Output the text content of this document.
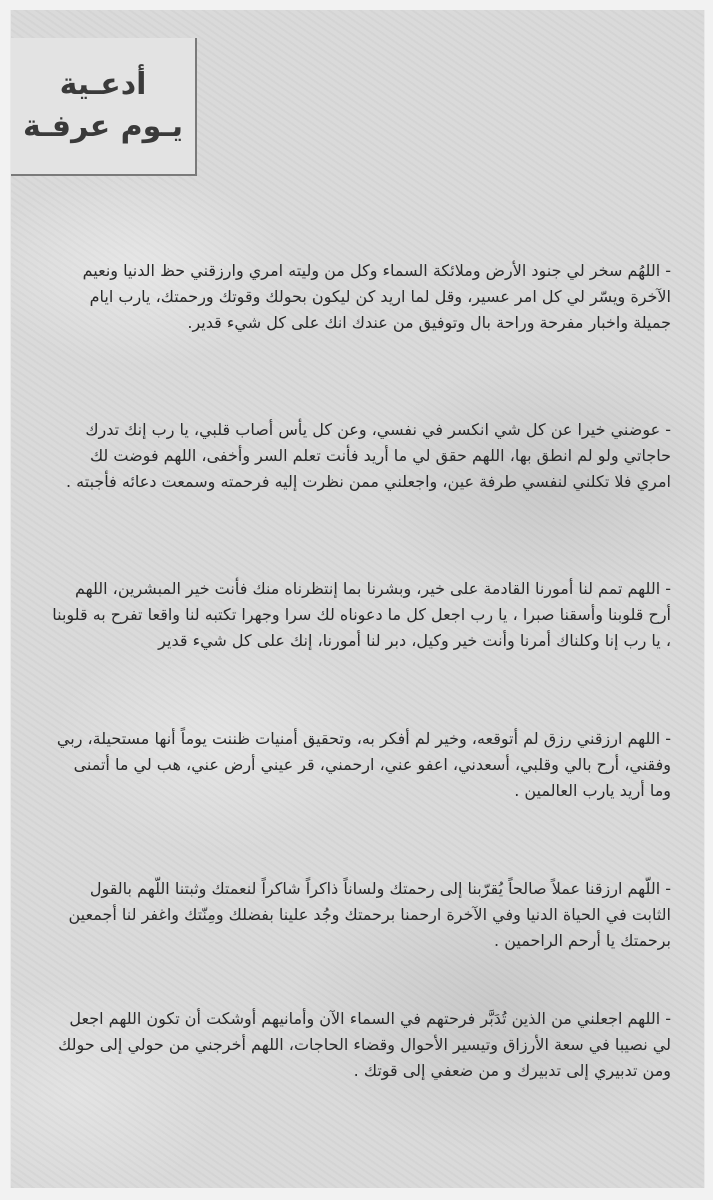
أدعـية
يـوم عرفـة

- اللهُم سخر لي جنود الأرض وملائكة السماء وكل من وليته امري وارزقني حظ الدنيا ونعيم الآخرة ويسّر لي كل امر عسير، وقل لما اريد كن ليكون بحولك وقوتك ورحمتك، يارب ايام جميلة واخبار مفرحة وراحة بال وتوفيق من عندك انك على كل شيء قدير.

- عوضني خيرا عن كل شي انكسر في نفسي، وعن كل يأس أصاب قلبي، يا رب إنك تدرك حاجاتي ولو لم انطق بها، اللهم حقق لي ما أريد فأنت تعلم السر وأخفى، اللهم فوضت لك امري فلا تكلني لنفسي طرفة عين، واجعلني ممن نظرت إليه فرحمته وسمعت دعائه فأجبته .

- اللهم تمم لنا أمورنا القادمة على خير، وبشرنا بما إنتظرناه منك فأنت خير المبشرين، اللهم أرح قلوبنا وأسقنا صبرا ، يا رب اجعل كل ما دعوناه لك سرا وجهرا تكتبه لنا واقعا تفرح به قلوبنا ، يا رب إنا وكلناك أمرنا وأنت خير وكيل، دبر لنا أمورنا، إنك على كل شيء قدير

- اللهم ارزقني رزق لم أتوقعه، وخير لم أفكر به، وتحقيق أمنيات ظننت يوماً أنها مستحيلة، ربي وفقني، أرح بالي وقلبي، أسعدني، اعفو عني، ارحمني، قر عيني أرض عني، هب لي ما أتمنى وما أريد يارب العالمين .

- اللّهم ارزقنا عملاً صالحاً يُقرّبنا إلى رحمتك ولساناً ذاكراً شاكراً لنعمتك وثبتنا اللّهم بالقول الثابت في الحياة الدنيا وفي الآخرة ارحمنا برحمتك وجُد علينا بفضلك ومِنّتك واغفر لنا أجمعين برحمتك يا أرحم الراحمين .

- اللهم اجعلني من الذين تُدَبَّر فرحتهم في السماء الآن وأمانيهم أوشكت أن تكون اللهم اجعل لي نصيبا في سعة الأرزاق وتيسير الأحوال وقضاء الحاجات، اللهم أخرجني من حولي إلى حولك ومن تدبيري إلى تدبيرك و من ضعفي إلى قوتك .
